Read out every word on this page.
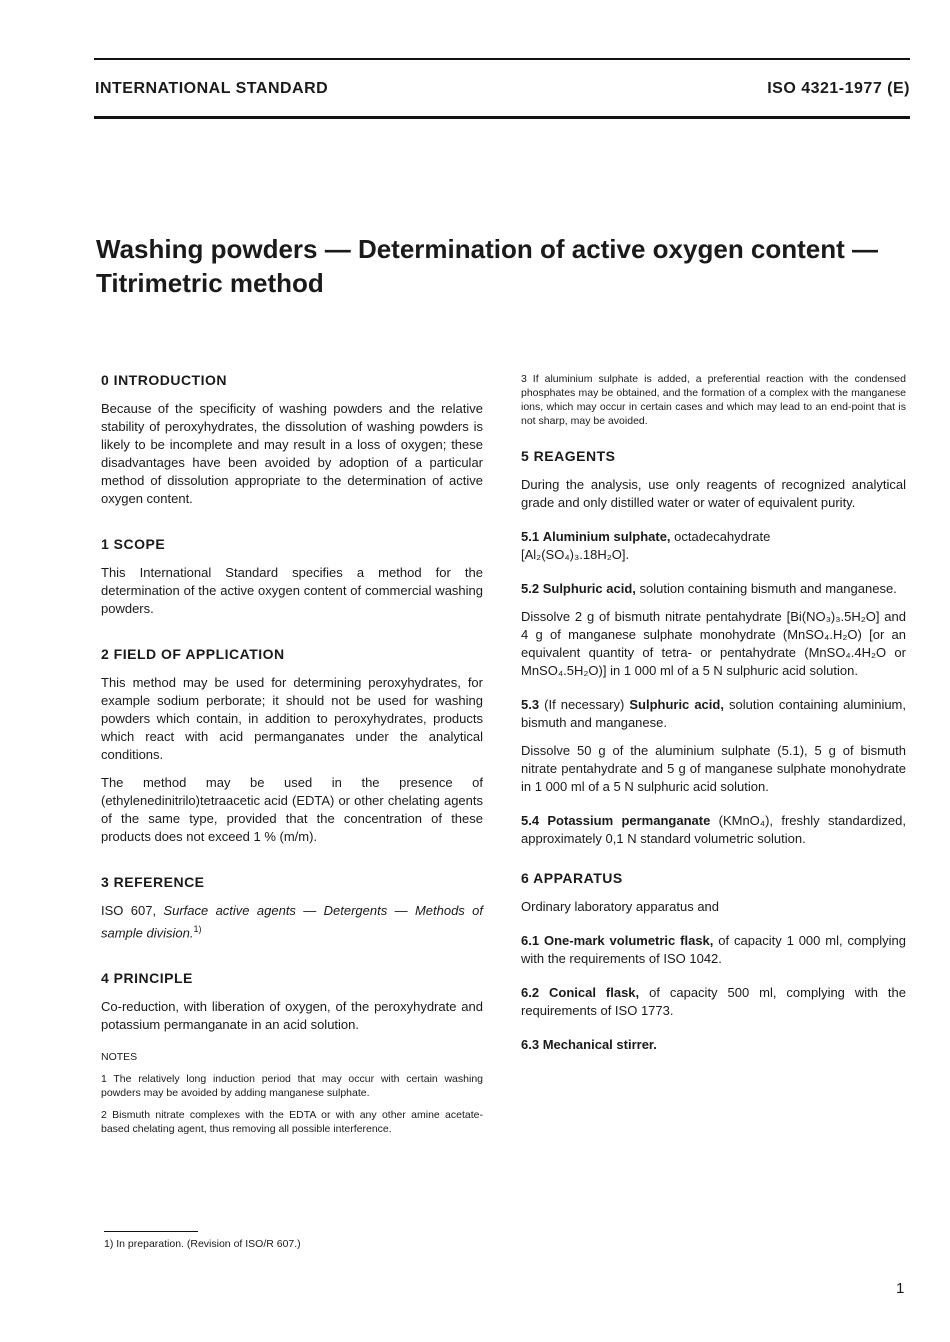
INTERNATIONAL STANDARD	ISO 4321-1977 (E)
Washing powders — Determination of active oxygen content —
Titrimetric method
0 INTRODUCTION
Because of the specificity of washing powders and the relative stability of peroxyhydrates, the dissolution of washing powders is likely to be incomplete and may result in a loss of oxygen; these disadvantages have been avoided by adoption of a particular method of dissolution appropriate to the determination of active oxygen content.
1 SCOPE
This International Standard specifies a method for the determination of the active oxygen content of commercial washing powders.
2 FIELD OF APPLICATION
This method may be used for determining peroxyhydrates, for example sodium perborate; it should not be used for washing powders which contain, in addition to peroxyhydrates, products which react with acid permanganates under the analytical conditions.
The method may be used in the presence of (ethylenedinitrilo)tetraacetic acid (EDTA) or other chelating agents of the same type, provided that the concentration of these products does not exceed 1 % (m/m).
3 REFERENCE
ISO 607, Surface active agents — Detergents — Methods of sample division.$^{1)}$
4 PRINCIPLE
Co-reduction, with liberation of oxygen, of the peroxyhydrate and potassium permanganate in an acid solution.
NOTES
1 The relatively long induction period that may occur with certain washing powders may be avoided by adding manganese sulphate.
2 Bismuth nitrate complexes with the EDTA or with any other amine acetate-based chelating agent, thus removing all possible interference.
3 If aluminium sulphate is added, a preferential reaction with the condensed phosphates may be obtained, and the formation of a complex with the manganese ions, which may occur in certain cases and which may lead to an end-point that is not sharp, may be avoided.
5 REAGENTS
During the analysis, use only reagents of recognized analytical grade and only distilled water or water of equivalent purity.
5.1 Aluminium sulphate, octadecahydrate
[Al₂(SO₄)₃.18H₂O].
5.2 Sulphuric acid, solution containing bismuth and manganese.
Dissolve 2 g of bismuth nitrate pentahydrate [Bi(NO₃)₃.5H₂O] and 4 g of manganese sulphate monohydrate (MnSO₄.H₂O) [or an equivalent quantity of tetra- or pentahydrate (MnSO₄.4H₂O or MnSO₄.5H₂O)] in 1 000 ml of a 5 N sulphuric acid solution.
5.3 (If necessary) Sulphuric acid, solution containing aluminium, bismuth and manganese.
Dissolve 50 g of the aluminium sulphate (5.1), 5 g of bismuth nitrate pentahydrate and 5 g of manganese sulphate monohydrate in 1 000 ml of a 5 N sulphuric acid solution.
5.4 Potassium permanganate (KMnO₄), freshly standardized, approximately 0,1 N standard volumetric solution.
6 APPARATUS
Ordinary laboratory apparatus and
6.1 One-mark volumetric flask, of capacity 1 000 ml, complying with the requirements of ISO 1042.
6.2 Conical flask, of capacity 500 ml, complying with the requirements of ISO 1773.
6.3 Mechanical stirrer.
1) In preparation. (Revision of ISO/R 607.)
1
